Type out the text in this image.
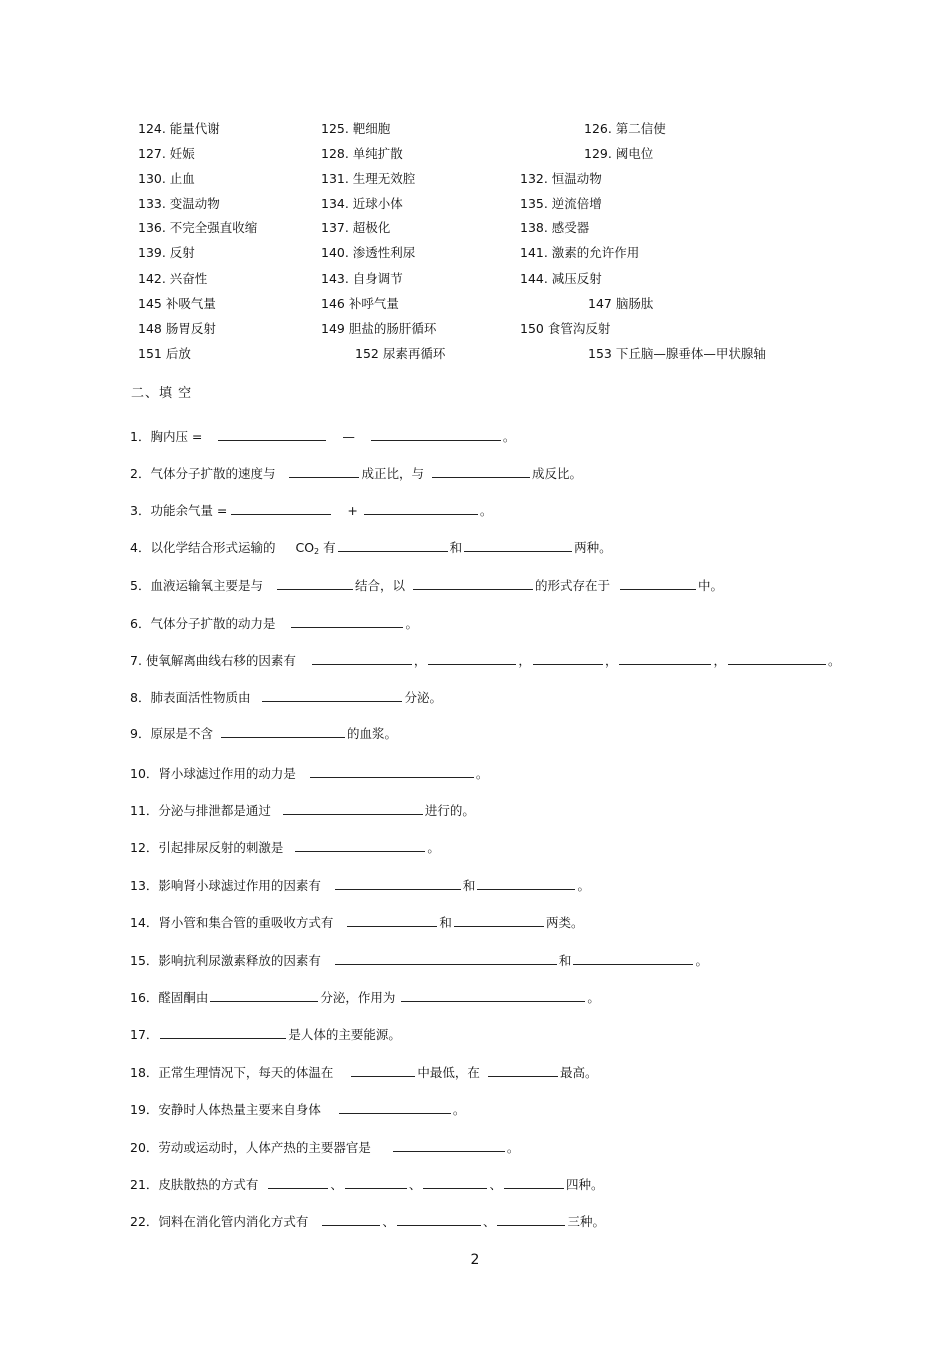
124. 能量代谢	125. 靶细胞	126. 第二信使
127. 妊娠	128. 单纯扩散	129. 阈电位
130. 止血	131. 生理无效腔	132. 恒温动物
133. 变温动物	134. 近球小体	135. 逆流倍增
136. 不完全强直收缩	137. 超极化	138. 感受器
139. 反射	140. 渗透性利尿	141. 激素的允许作用
142. 兴奋性	143. 自身调节	144. 减压反射
145 补吸气量	146 补呼气量	147 脑肠肽
148 肠胃反射	149 胆盐的肠肝循环	150 食管沟反射
151 后放	152 尿素再循环	153 下丘脑—腺垂体—甲状腺轴
二、填 空
1．胸内压 =	—	。
2．气体分子扩散的速度与	成正比，与	成反比。
3．功能余气量 =	+	。
4．以化学结合形式运输的 $CO_2$ 有	和	两种。
5．血液运输氧主要是与	结合，以	的形式存在于	中。
6．气体分子扩散的动力是	。
7. 使氧解离曲线右移的因素有	，	，	，	，	。
8．肺表面活性物质由	分泌。
9．原尿是不含	的血浆。
10．肾小球滤过作用的动力是	。
11．分泌与排泄都是通过	进行的。
12．引起排尿反射的刺激是	。
13．影响肾小球滤过作用的因素有	和	。
14．肾小管和集合管的重吸收方式有	和	两类。
15．影响抗利尿激素释放的因素有	和	。
16．醛固酮由	分泌，作用为	。
17．	是人体的主要能源。
18．正常生理情况下，每天的体温在	中最低，在	最高。
19．安静时人体热量主要来自身体	。
20．劳动或运动时，人体产热的主要器官是	。
21．皮肤散热的方式有	、	、	、	四种。
22．饲料在消化管内消化方式有	、	、	三种。
2
